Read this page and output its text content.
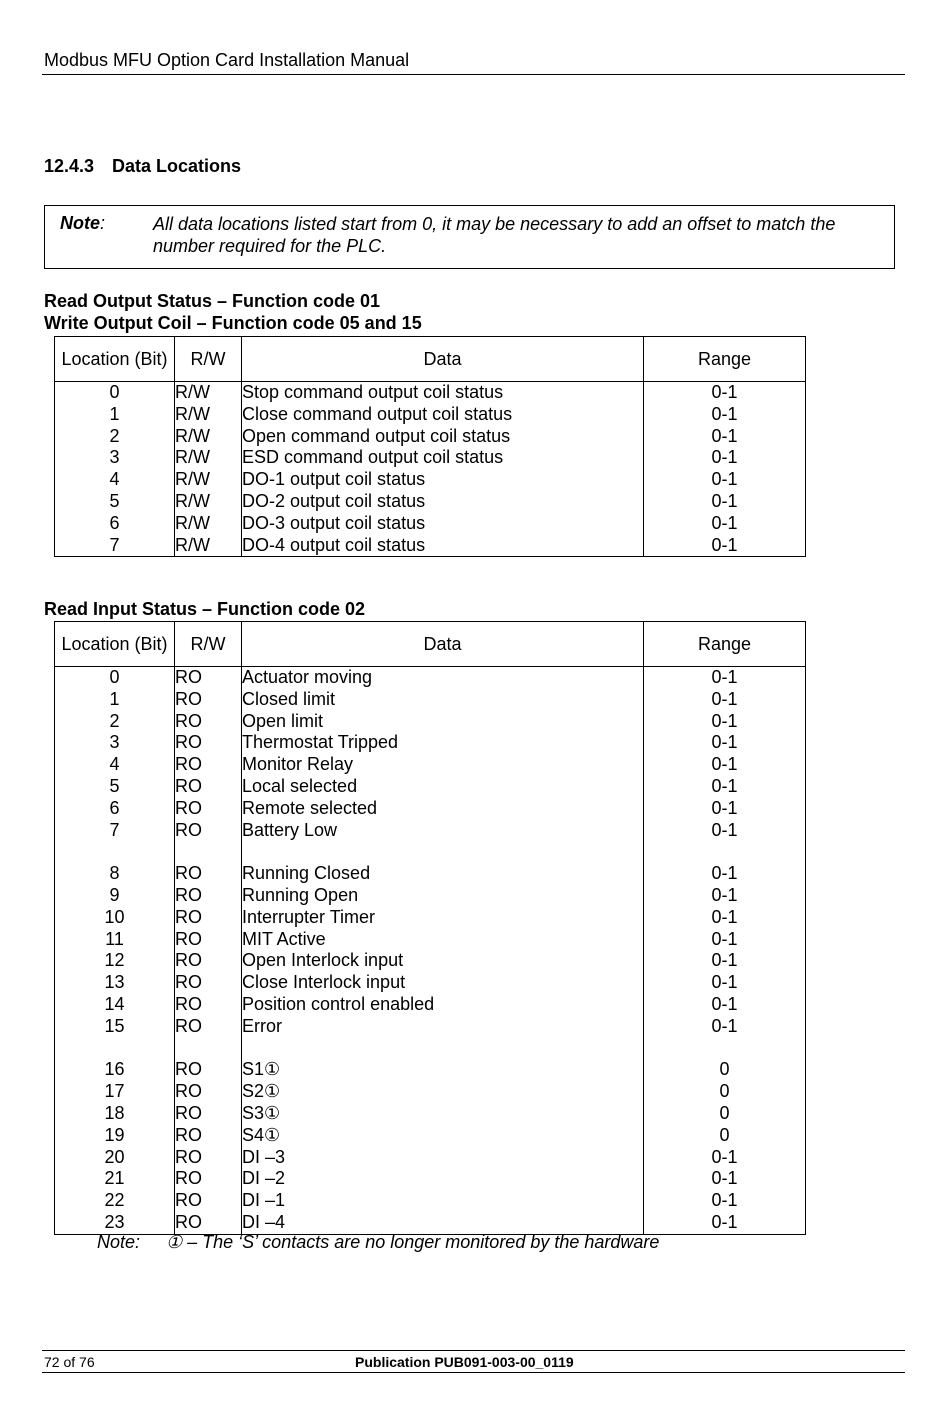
Modbus MFU Option Card Installation Manual
12.4.3 Data Locations
Note:	All data locations listed start from 0, it may be necessary to add an offset to match the number required for the PLC.
Read Output Status – Function code 01
Write Output Coil – Function code 05 and 15
Location (Bit)	R/W	Data	Range
0	R/W	Stop command output coil status	0-1
1	R/W	Close command output coil status	0-1
2	R/W	Open command output coil status	0-1
3	R/W	ESD command output coil status	0-1
4	R/W	DO-1 output coil status	0-1
5	R/W	DO-2 output coil status	0-1
6	R/W	DO-3 output coil status	0-1
7	R/W	DO-4 output coil status	0-1
Read Input Status – Function code 02
Location (Bit)	R/W	Data	Range
0	RO	Actuator moving	0-1
1	RO	Closed limit	0-1
2	RO	Open limit	0-1
3	RO	Thermostat Tripped	0-1
4	RO	Monitor Relay	0-1
5	RO	Local selected	0-1
6	RO	Remote selected	0-1
7	RO	Battery Low	0-1

8	RO	Running Closed	0-1
9	RO	Running Open	0-1
10	RO	Interrupter Timer	0-1
11	RO	MIT Active	0-1
12	RO	Open Interlock input	0-1
13	RO	Close Interlock input	0-1
14	RO	Position control enabled	0-1
15	RO	Error	0-1

16	RO	S1①	0
17	RO	S2①	0
18	RO	S3①	0
19	RO	S4①	0
20	RO	DI –3	0-1
21	RO	DI –2	0-1
22	RO	DI –1	0-1
23	RO	DI –4	0-1
Note: ① – The ‘S’ contacts are no longer monitored by the hardware
72 of 76	Publication PUB091-003-00_0119
